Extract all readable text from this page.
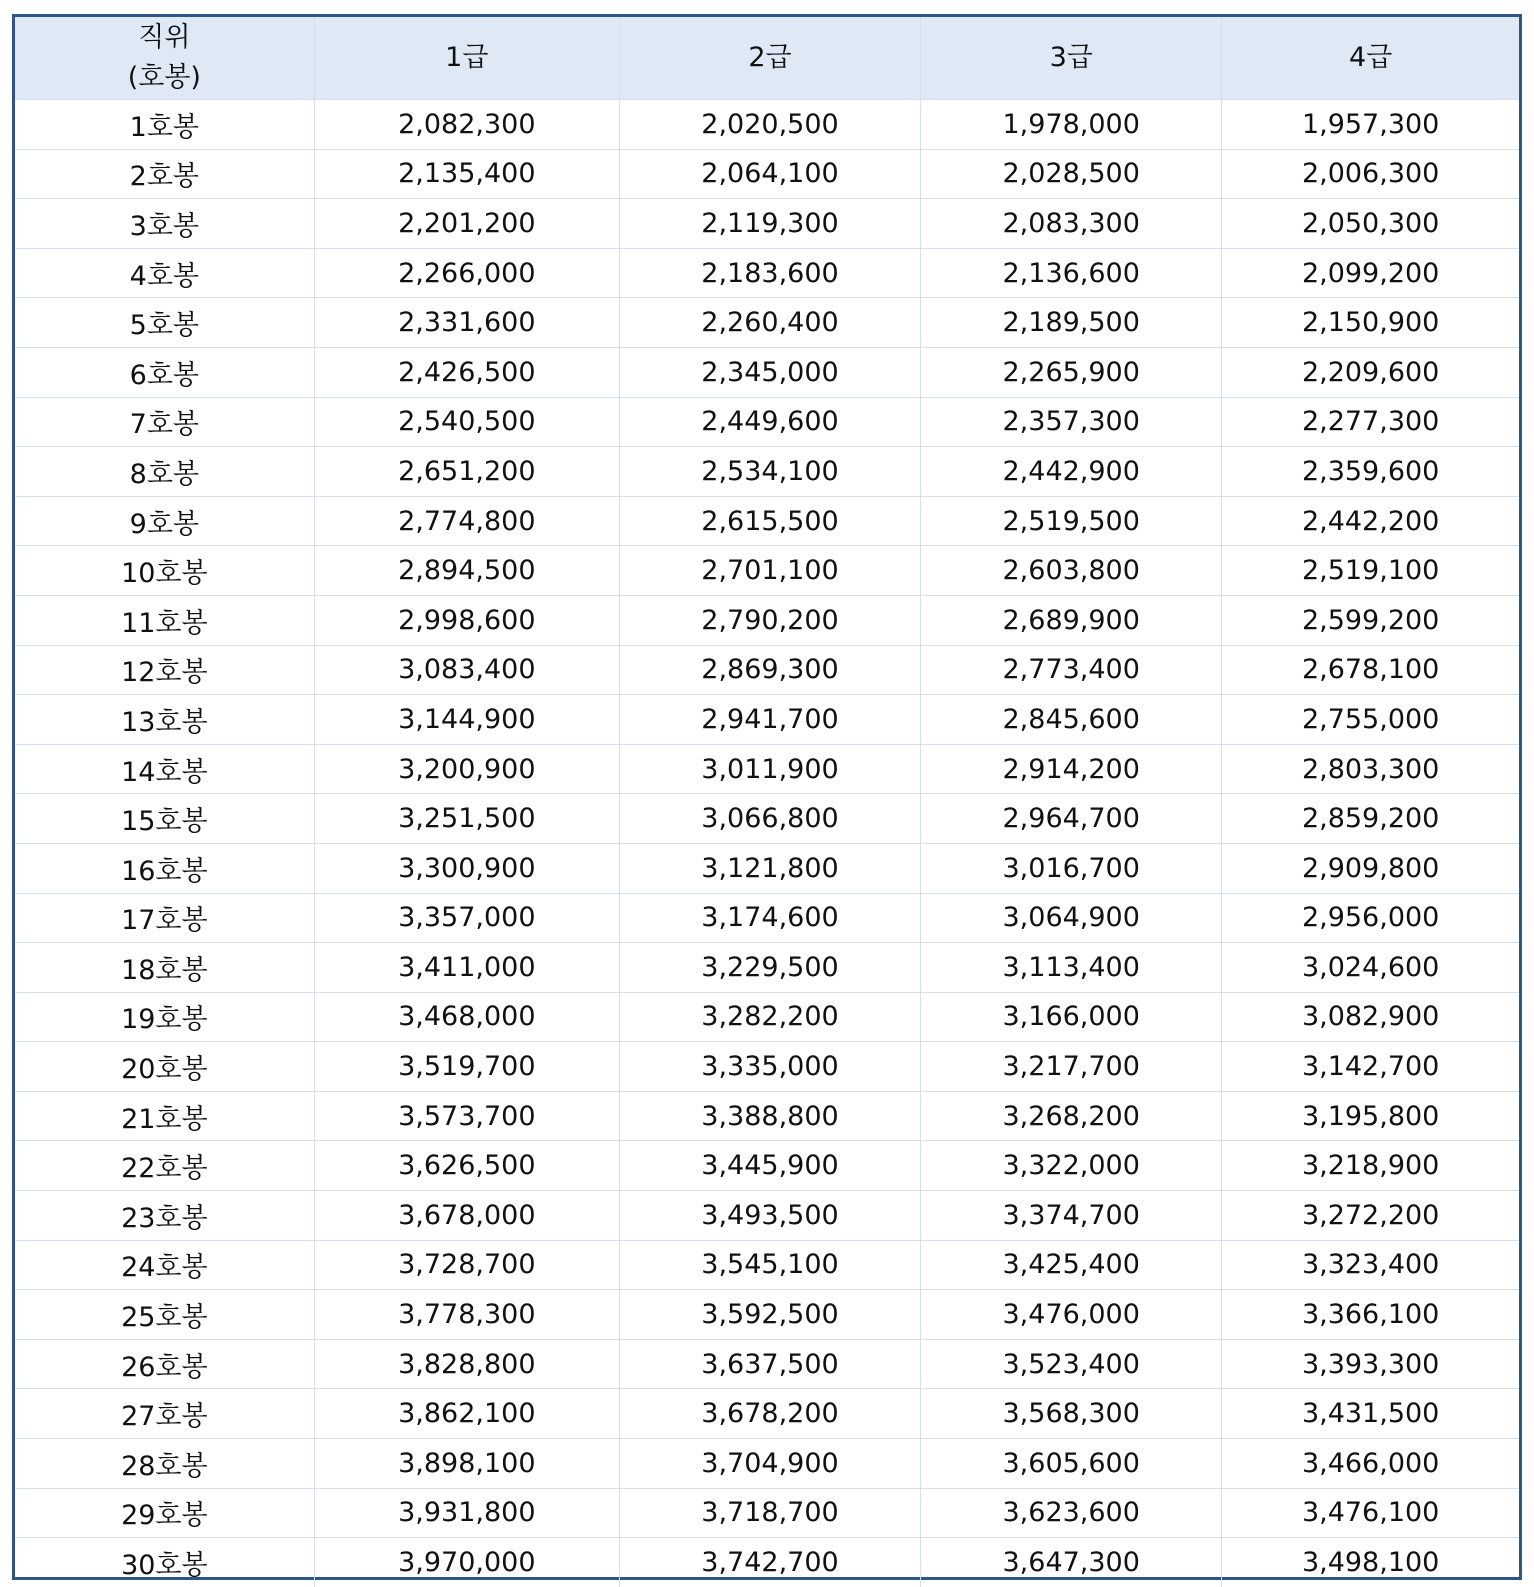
직위
(호봉)	1급	2급	3급	4급
1호봉	2,082,300	2,020,500	1,978,000	1,957,300
2호봉	2,135,400	2,064,100	2,028,500	2,006,300
3호봉	2,201,200	2,119,300	2,083,300	2,050,300
4호봉	2,266,000	2,183,600	2,136,600	2,099,200
5호봉	2,331,600	2,260,400	2,189,500	2,150,900
6호봉	2,426,500	2,345,000	2,265,900	2,209,600
7호봉	2,540,500	2,449,600	2,357,300	2,277,300
8호봉	2,651,200	2,534,100	2,442,900	2,359,600
9호봉	2,774,800	2,615,500	2,519,500	2,442,200
10호봉	2,894,500	2,701,100	2,603,800	2,519,100
11호봉	2,998,600	2,790,200	2,689,900	2,599,200
12호봉	3,083,400	2,869,300	2,773,400	2,678,100
13호봉	3,144,900	2,941,700	2,845,600	2,755,000
14호봉	3,200,900	3,011,900	2,914,200	2,803,300
15호봉	3,251,500	3,066,800	2,964,700	2,859,200
16호봉	3,300,900	3,121,800	3,016,700	2,909,800
17호봉	3,357,000	3,174,600	3,064,900	2,956,000
18호봉	3,411,000	3,229,500	3,113,400	3,024,600
19호봉	3,468,000	3,282,200	3,166,000	3,082,900
20호봉	3,519,700	3,335,000	3,217,700	3,142,700
21호봉	3,573,700	3,388,800	3,268,200	3,195,800
22호봉	3,626,500	3,445,900	3,322,000	3,218,900
23호봉	3,678,000	3,493,500	3,374,700	3,272,200
24호봉	3,728,700	3,545,100	3,425,400	3,323,400
25호봉	3,778,300	3,592,500	3,476,000	3,366,100
26호봉	3,828,800	3,637,500	3,523,400	3,393,300
27호봉	3,862,100	3,678,200	3,568,300	3,431,500
28호봉	3,898,100	3,704,900	3,605,600	3,466,000
29호봉	3,931,800	3,718,700	3,623,600	3,476,100
30호봉	3,970,000	3,742,700	3,647,300	3,498,100
